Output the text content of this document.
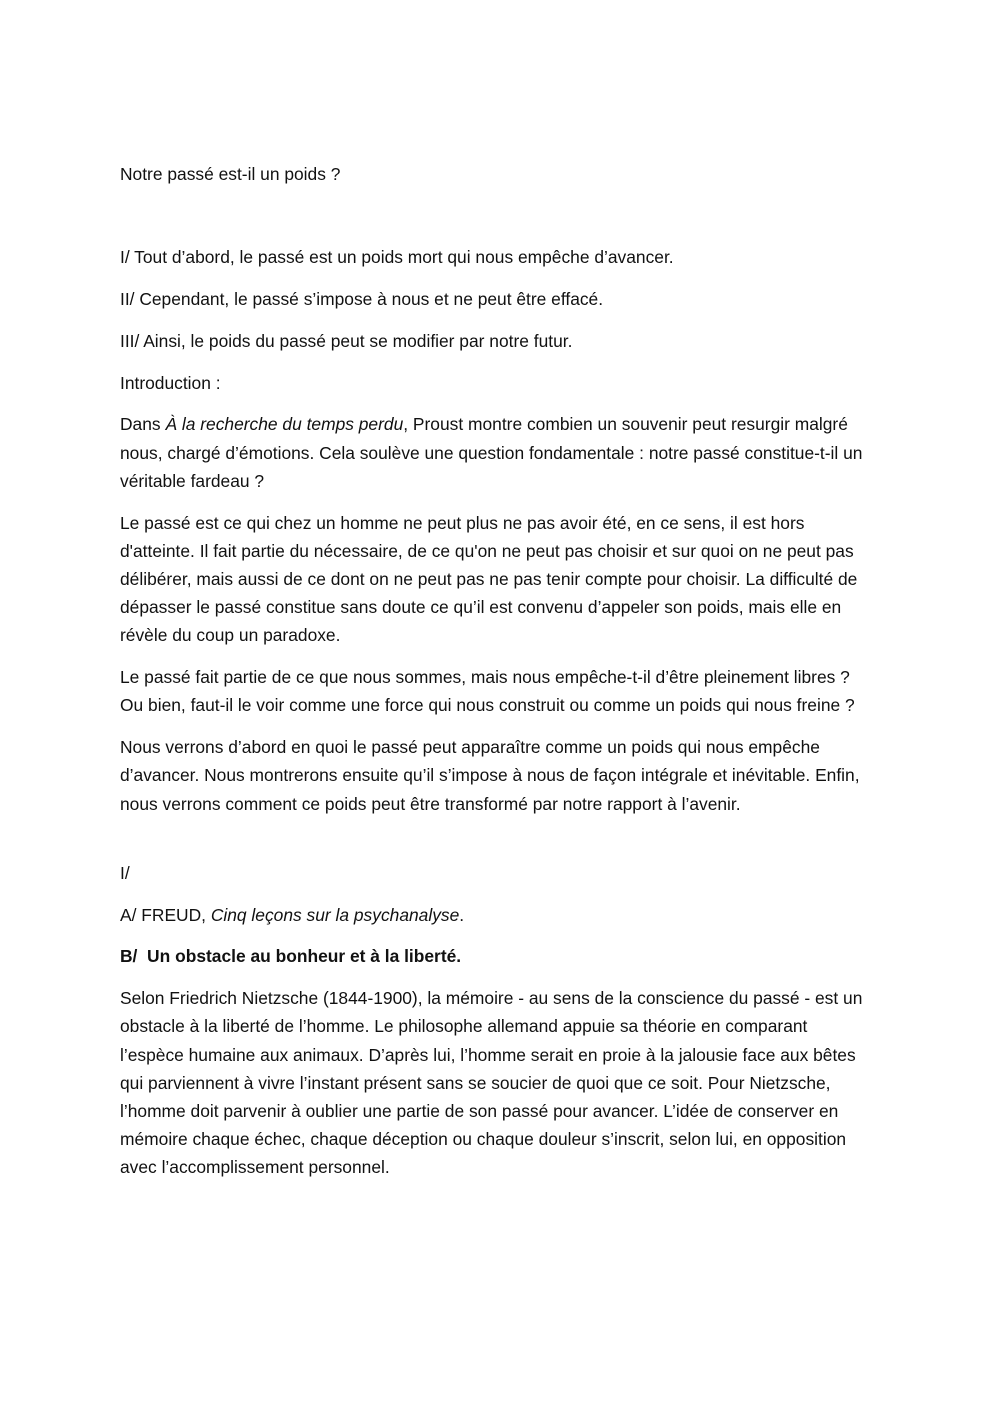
Notre passé est-il un poids ?

I/ Tout d’abord, le passé est un poids mort qui nous empêche d’avancer.

II/ Cependant, le passé s’impose à nous et ne peut être effacé.

III/ Ainsi, le poids du passé peut se modifier par notre futur.

Introduction :

Dans À la recherche du temps perdu, Proust montre combien un souvenir peut resurgir malgré nous, chargé d’émotions. Cela soulève une question fondamentale : notre passé constitue-t-il un véritable fardeau ?

Le passé est ce qui chez un homme ne peut plus ne pas avoir été, en ce sens, il est hors d'atteinte. Il fait partie du nécessaire, de ce qu'on ne peut pas choisir et sur quoi on ne peut pas délibérer, mais aussi de ce dont on ne peut pas ne pas tenir compte pour choisir. La difficulté de dépasser le passé constitue sans doute ce qu’il est convenu d’appeler son poids, mais elle en révèle du coup un paradoxe.

Le passé fait partie de ce que nous sommes, mais nous empêche-t-il d’être pleinement libres ? Ou bien, faut-il le voir comme une force qui nous construit ou comme un poids qui nous freine ?

Nous verrons d’abord en quoi le passé peut apparaître comme un poids qui nous empêche d’avancer. Nous montrerons ensuite qu’il s’impose à nous de façon intégrale et inévitable. Enfin, nous verrons comment ce poids peut être transformé par notre rapport à l’avenir.

I/

A/ FREUD, Cinq leçons sur la psychanalyse.

B/  Un obstacle au bonheur et à la liberté.

Selon Friedrich Nietzsche (1844-1900), la mémoire - au sens de la conscience du passé - est un obstacle à la liberté de l’homme. Le philosophe allemand appuie sa théorie en comparant l’espèce humaine aux animaux. D’après lui, l’homme serait en proie à la jalousie face aux bêtes qui parviennent à vivre l’instant présent sans se soucier de quoi que ce soit. Pour Nietzsche, l’homme doit parvenir à oublier une partie de son passé pour avancer. L’idée de conserver en mémoire chaque échec, chaque déception ou chaque douleur s’inscrit, selon lui, en opposition avec l’accomplissement personnel.
